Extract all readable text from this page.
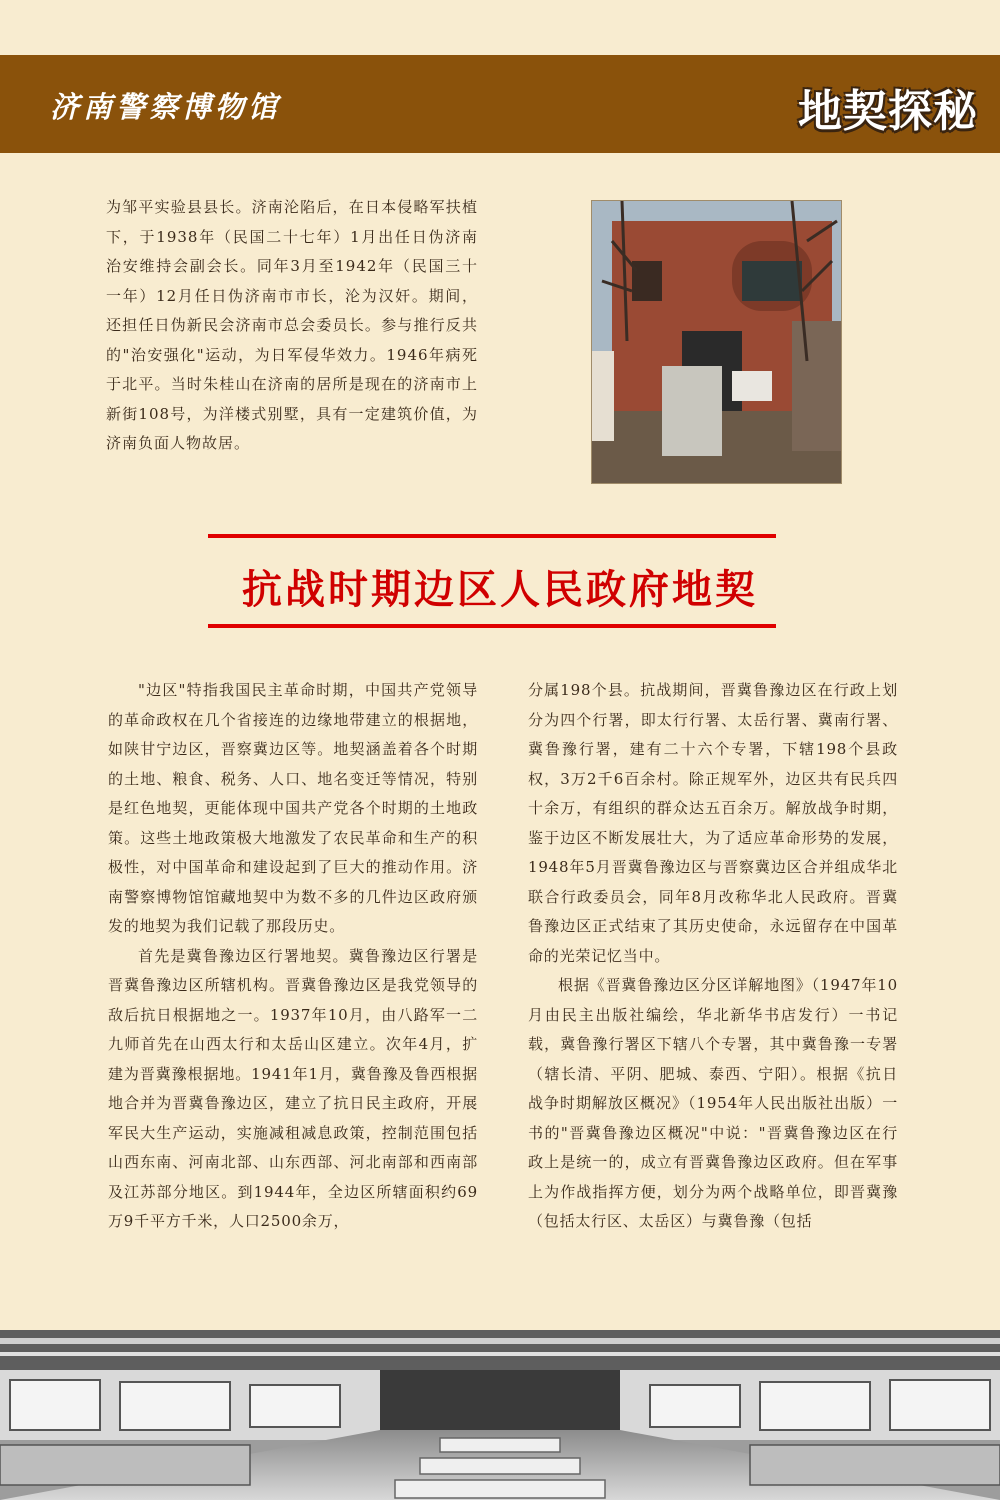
济南警察博物馆	地契探秘
为邹平实验县县长。济南沦陷后，在日本侵略军扶植下，于1938年（民国二十七年）1月出任日伪济南治安维持会副会长。同年3月至1942年（民国三十一年）12月任日伪济南市市长，沦为汉奸。期间，还担任日伪新民会济南市总会委员长。参与推行反共的"治安强化"运动，为日军侵华效力。1946年病死于北平。当时朱桂山在济南的居所是现在的济南市上新街108号，为洋楼式别墅，具有一定建筑价值，为济南负面人物故居。
抗战时期边区人民政府地契

"边区"特指我国民主革命时期，中国共产党领导的革命政权在几个省接连的边缘地带建立的根据地，如陕甘宁边区，晋察冀边区等。地契涵盖着各个时期的土地、粮食、税务、人口、地名变迁等情况，特别是红色地契，更能体现中国共产党各个时期的土地政策。这些土地政策极大地激发了农民革命和生产的积极性，对中国革命和建设起到了巨大的推动作用。济南警察博物馆馆藏地契中为数不多的几件边区政府颁发的地契为我们记载了那段历史。

首先是冀鲁豫边区行署地契。冀鲁豫边区行署是晋冀鲁豫边区所辖机构。晋冀鲁豫边区是我党领导的敌后抗日根据地之一。1937年10月，由八路军一二九师首先在山西太行和太岳山区建立。次年4月，扩建为晋冀豫根据地。1941年1月，冀鲁豫及鲁西根据地合并为晋冀鲁豫边区，建立了抗日民主政府，开展军民大生产运动，实施减租减息政策，控制范围包括山西东南、河南北部、山东西部、河北南部和西南部及江苏部分地区。到1944年，全边区所辖面积约69万9千平方千米，人口2500余万，

分属198个县。抗战期间，晋冀鲁豫边区在行政上划分为四个行署，即太行行署、太岳行署、冀南行署、冀鲁豫行署，建有二十六个专署，下辖198个县政权，3万2千6百余村。除正规军外，边区共有民兵四十余万，有组织的群众达五百余万。解放战争时期，鉴于边区不断发展壮大，为了适应革命形势的发展，1948年5月晋冀鲁豫边区与晋察冀边区合并组成华北联合行政委员会，同年8月改称华北人民政府。晋冀鲁豫边区正式结束了其历史使命，永远留存在中国革命的光荣记忆当中。

根据《晋冀鲁豫边区分区详解地图》（1947年10月由民主出版社编绘，华北新华书店发行）一书记载，冀鲁豫行署区下辖八个专署，其中冀鲁豫一专署（辖长清、平阴、肥城、泰西、宁阳）。根据《抗日战争时期解放区概况》（1954年人民出版社出版）一书的"晋冀鲁豫边区概况"中说："晋冀鲁豫边区在行政上是统一的，成立有晋冀鲁豫边区政府。但在军事上为作战指挥方便，划分为两个战略单位，即晋冀豫（包括太行区、太岳区）与冀鲁豫（包括
